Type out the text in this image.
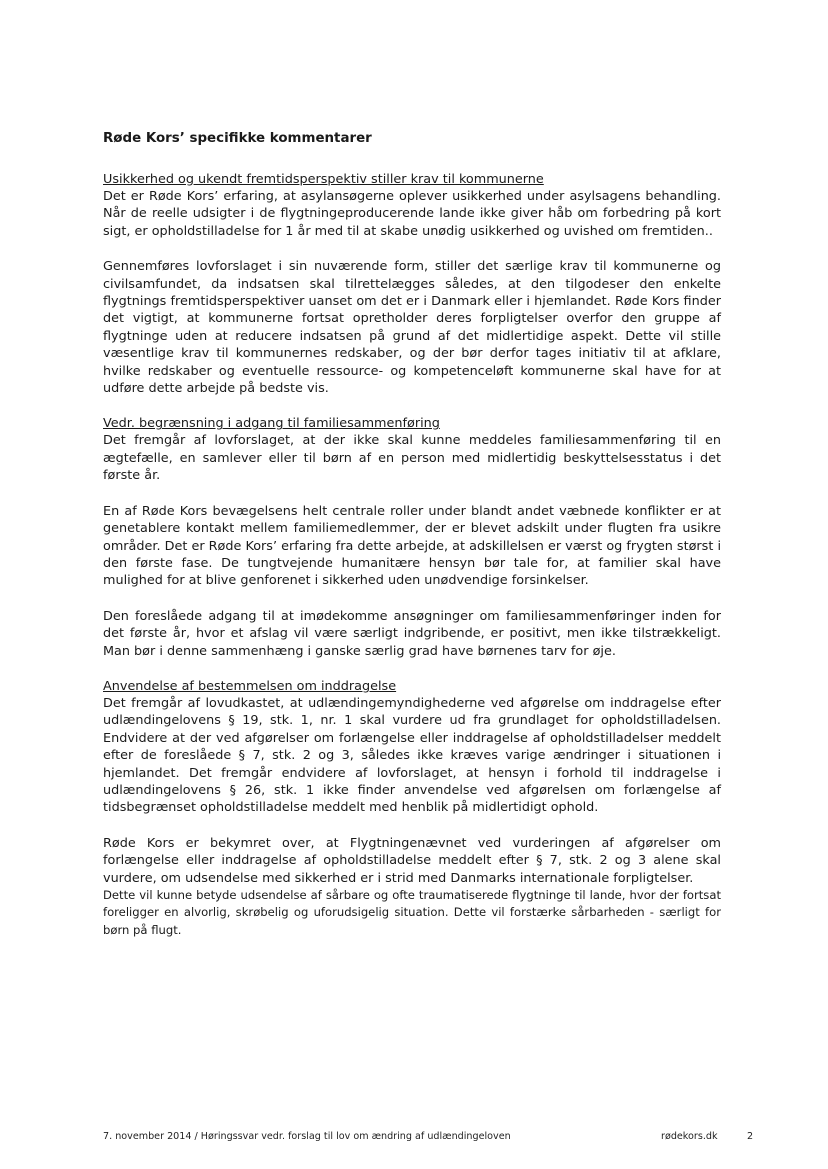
Røde Kors’ specifikke kommentarer
Usikkerhed og ukendt fremtidsperspektiv stiller krav til kommunerne

Det er Røde Kors’ erfaring, at asylansøgerne oplever usikkerhed under asylsagens behandling. Når de reelle udsigter i de flygtningeproducerende lande ikke giver håb om forbedring på kort sigt, er opholdstilladelse for 1 år med til at skabe unødig usikkerhed og uvished om fremtiden..

Gennemføres lovforslaget i sin nuværende form, stiller det særlige krav til kommunerne og civilsamfundet, da indsatsen skal tilrettelægges således, at den tilgodeser den enkelte flygtnings fremtidsperspektiver uanset om det er i Danmark eller i hjemlandet. Røde Kors finder det vigtigt, at kommunerne fortsat opretholder deres forpligtelser overfor den gruppe af flygtninge uden at reducere indsatsen på grund af det midlertidige aspekt. Dette vil stille væsentlige krav til kommunernes redskaber, og der bør derfor tages initiativ til at afklare, hvilke redskaber og eventuelle ressource- og kompetenceløft kommunerne skal have for at udføre dette arbejde på bedste vis.

Vedr. begrænsning i adgang til familiesammenføring

Det fremgår af lovforslaget, at der ikke skal kunne meddeles familiesammenføring til en ægtefælle, en samlever eller til børn af en person med midlertidig beskyttelsesstatus i det første år.

En af Røde Kors bevægelsens helt centrale roller under blandt andet væbnede konflikter er at genetablere kontakt mellem familiemedlemmer, der er blevet adskilt under flugten fra usikre områder. Det er Røde Kors’ erfaring fra dette arbejde, at adskillelsen er værst og frygten størst i den første fase. De tungtvejende humanitære hensyn bør tale for, at familier skal have mulighed for at blive genforenet i sikkerhed uden unødvendige forsinkelser.

Den foreslåede adgang til at imødekomme ansøgninger om familiesammenføringer inden for det første år, hvor et afslag vil være særligt indgribende, er positivt, men ikke tilstrækkeligt. Man bør i denne sammenhæng i ganske særlig grad have børnenes tarv for øje.

Anvendelse af bestemmelsen om inddragelse

Det fremgår af lovudkastet, at udlændingemyndighederne ved afgørelse om inddragelse efter udlændingelovens § 19, stk. 1, nr. 1 skal vurdere ud fra grundlaget for opholdstilladelsen. Endvidere at der ved afgørelser om forlængelse eller inddragelse af opholdstilladelser meddelt efter de foreslåede § 7, stk. 2 og 3, således ikke kræves varige ændringer i situationen i hjemlandet. Det fremgår endvidere af lovforslaget, at hensyn i forhold til inddragelse i udlændingelovens § 26, stk. 1 ikke finder anvendelse ved afgørelsen om forlængelse af tidsbegrænset opholdstilladelse meddelt med henblik på midlertidigt ophold.

Røde Kors er bekymret over, at Flygtningenævnet ved vurderingen af afgørelser om forlængelse eller inddragelse af opholdstilladelse meddelt efter § 7, stk. 2 og 3 alene skal vurdere, om udsendelse med sikkerhed er i strid med Danmarks internationale forpligtelser.

Dette vil kunne betyde udsendelse af sårbare og ofte traumatiserede flygtninge til lande, hvor der fortsat foreligger en alvorlig, skrøbelig og uforudsigelig situation. Dette vil forstærke sårbarheden - særligt for børn på flugt.

7. november 2014 / Høringssvar vedr. forslag til lov om ændring af udlændingeloven	rødekors.dk	2
